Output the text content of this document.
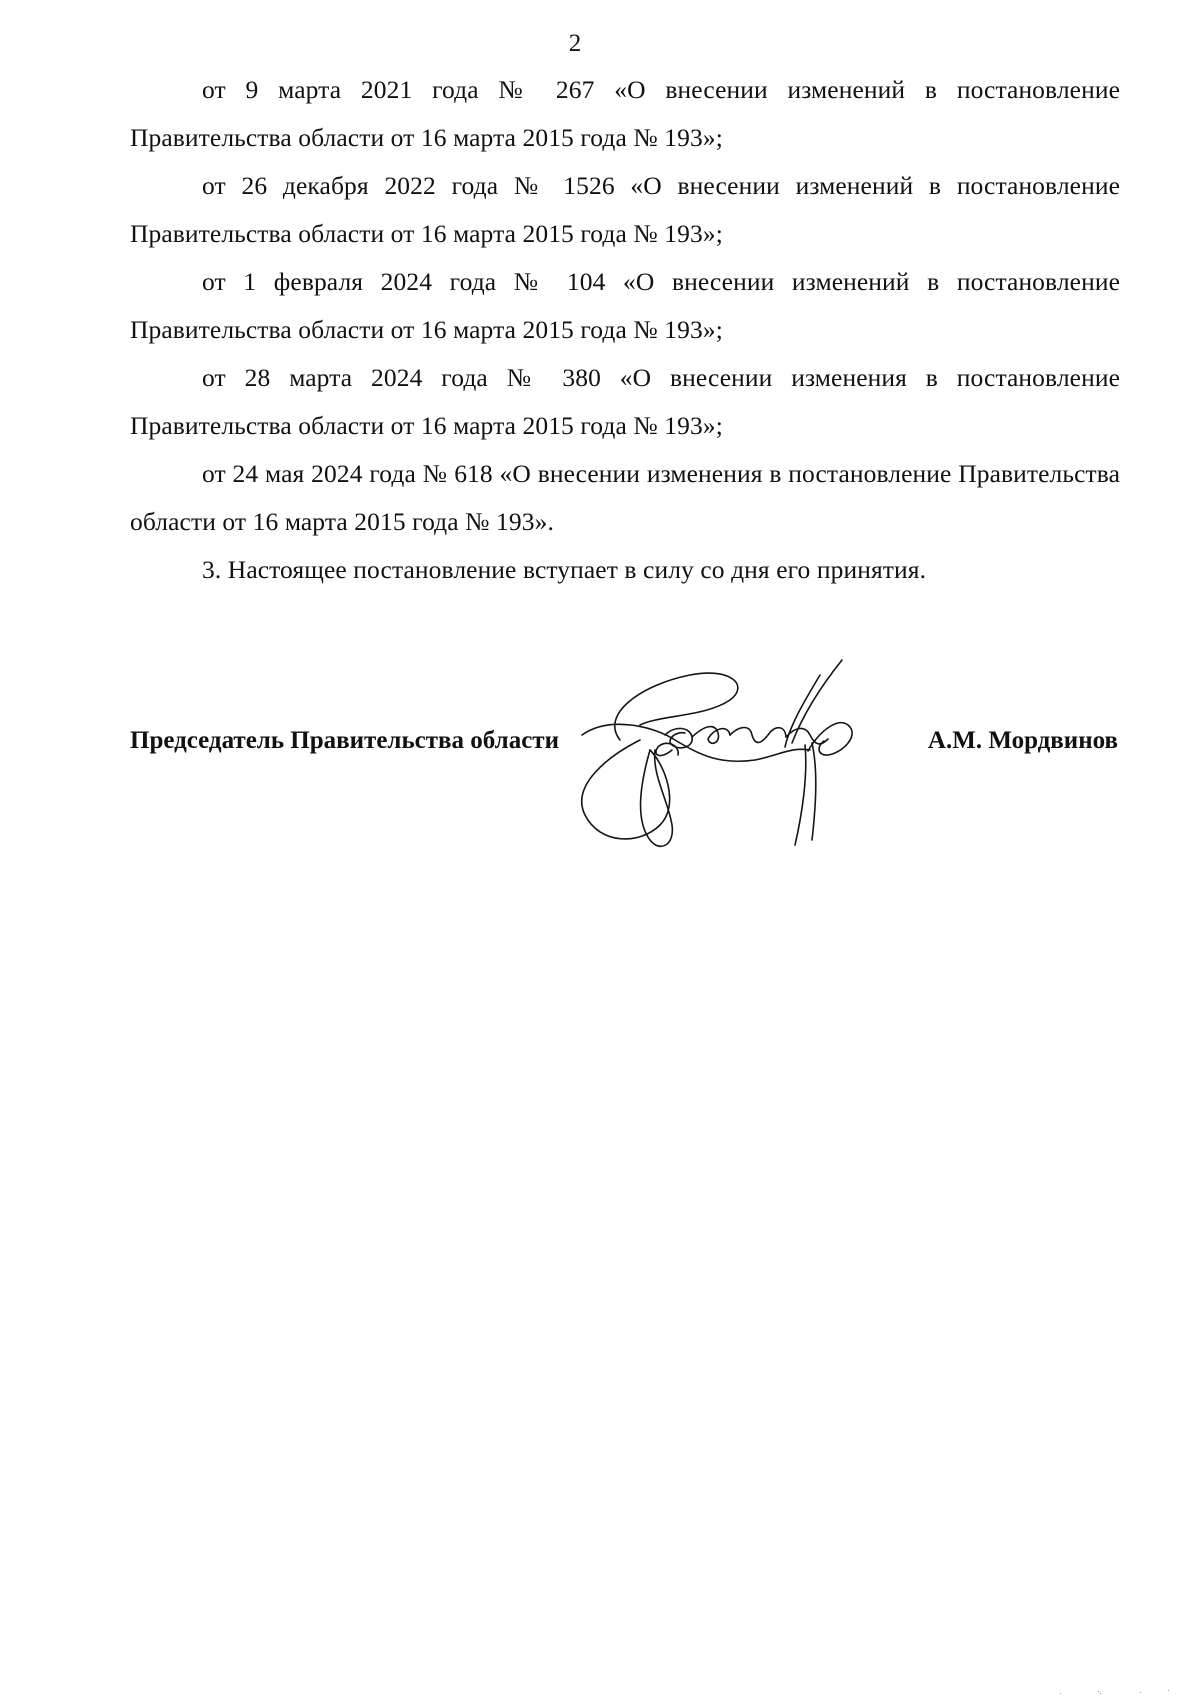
2

от 9 марта 2021 года № 267 «О внесении изменений в постановление Правительства области от 16 марта 2015 года № 193»;

от 26 декабря 2022 года № 1526 «О внесении изменений в постановление Правительства области от 16 марта 2015 года № 193»;

от 1 февраля 2024 года № 104 «О внесении изменений в постановление Правительства области от 16 марта 2015 года № 193»;

от 28 марта 2024 года № 380 «О внесении изменения в постановление Правительства области от 16 марта 2015 года № 193»;

от 24 мая 2024 года № 618 «О внесении изменения в постановление Правительства области от 16 марта 2015 года № 193».

3. Настоящее постановление вступает в силу со дня его принятия.

Председатель Правительства области	А.М. Мордвинов
